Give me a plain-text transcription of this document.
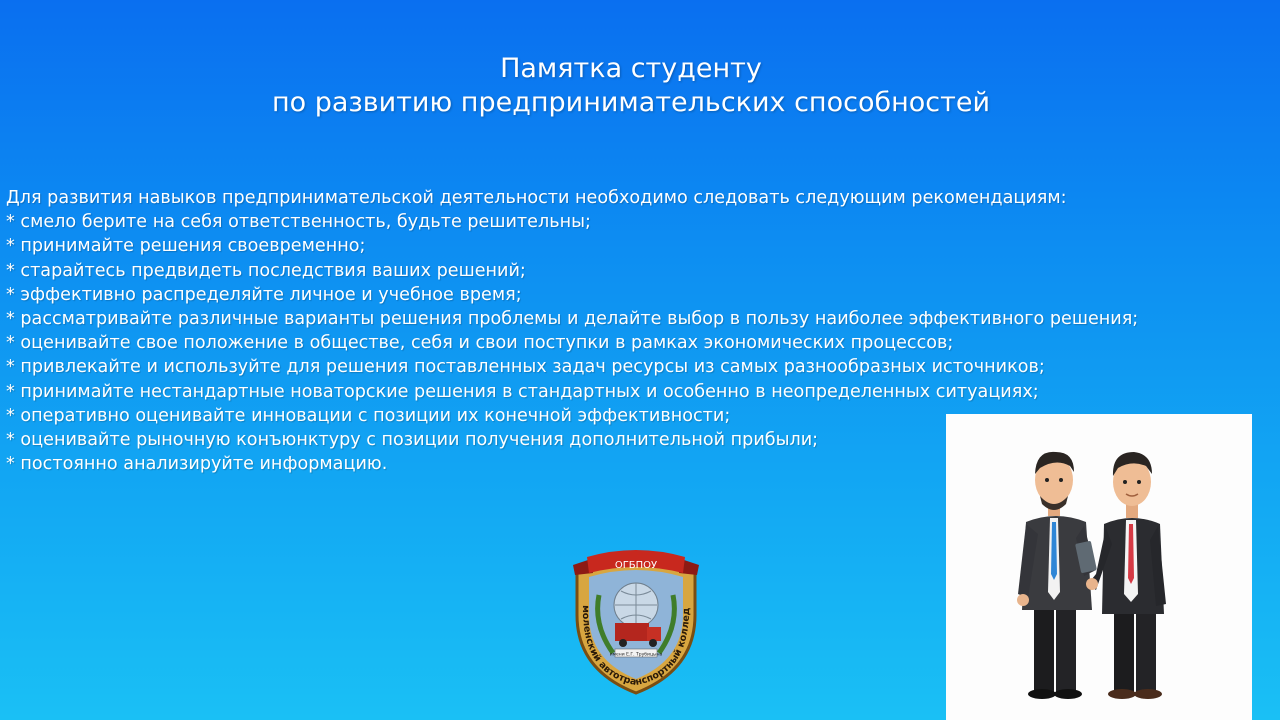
Памятка студенту
по развитию предпринимательских способностей
Для развития навыков предпринимательской деятельности необходимо следовать следующим рекомендациям:
* смело берите на себя ответственность, будьте решительны;
* принимайте решения своевременно;
* старайтесь предвидеть последствия ваших решений;
* эффективно распределяйте личное и учебное время;
* рассматривайте различные варианты решения проблемы и делайте выбор в пользу наиболее эффективного решения;
* оценивайте свое положение в обществе, себя и свои поступки в рамках экономических процессов;
* привлекайте и используйте для решения поставленных задач ресурсы из самых разнообразных источников;
* принимайте нестандартные новаторские решения в стандартных и особенно в неопределенных ситуациях;
* оперативно оценивайте инновации с позиции их конечной эффективности;
* оценивайте рыночную конъюнктуру с позиции получения дополнительной прибыли;
* постоянно анализируйте информацию.
ОГБПОУ
моленский автотранспортный коллед
имени Е.Г. Трубицына
